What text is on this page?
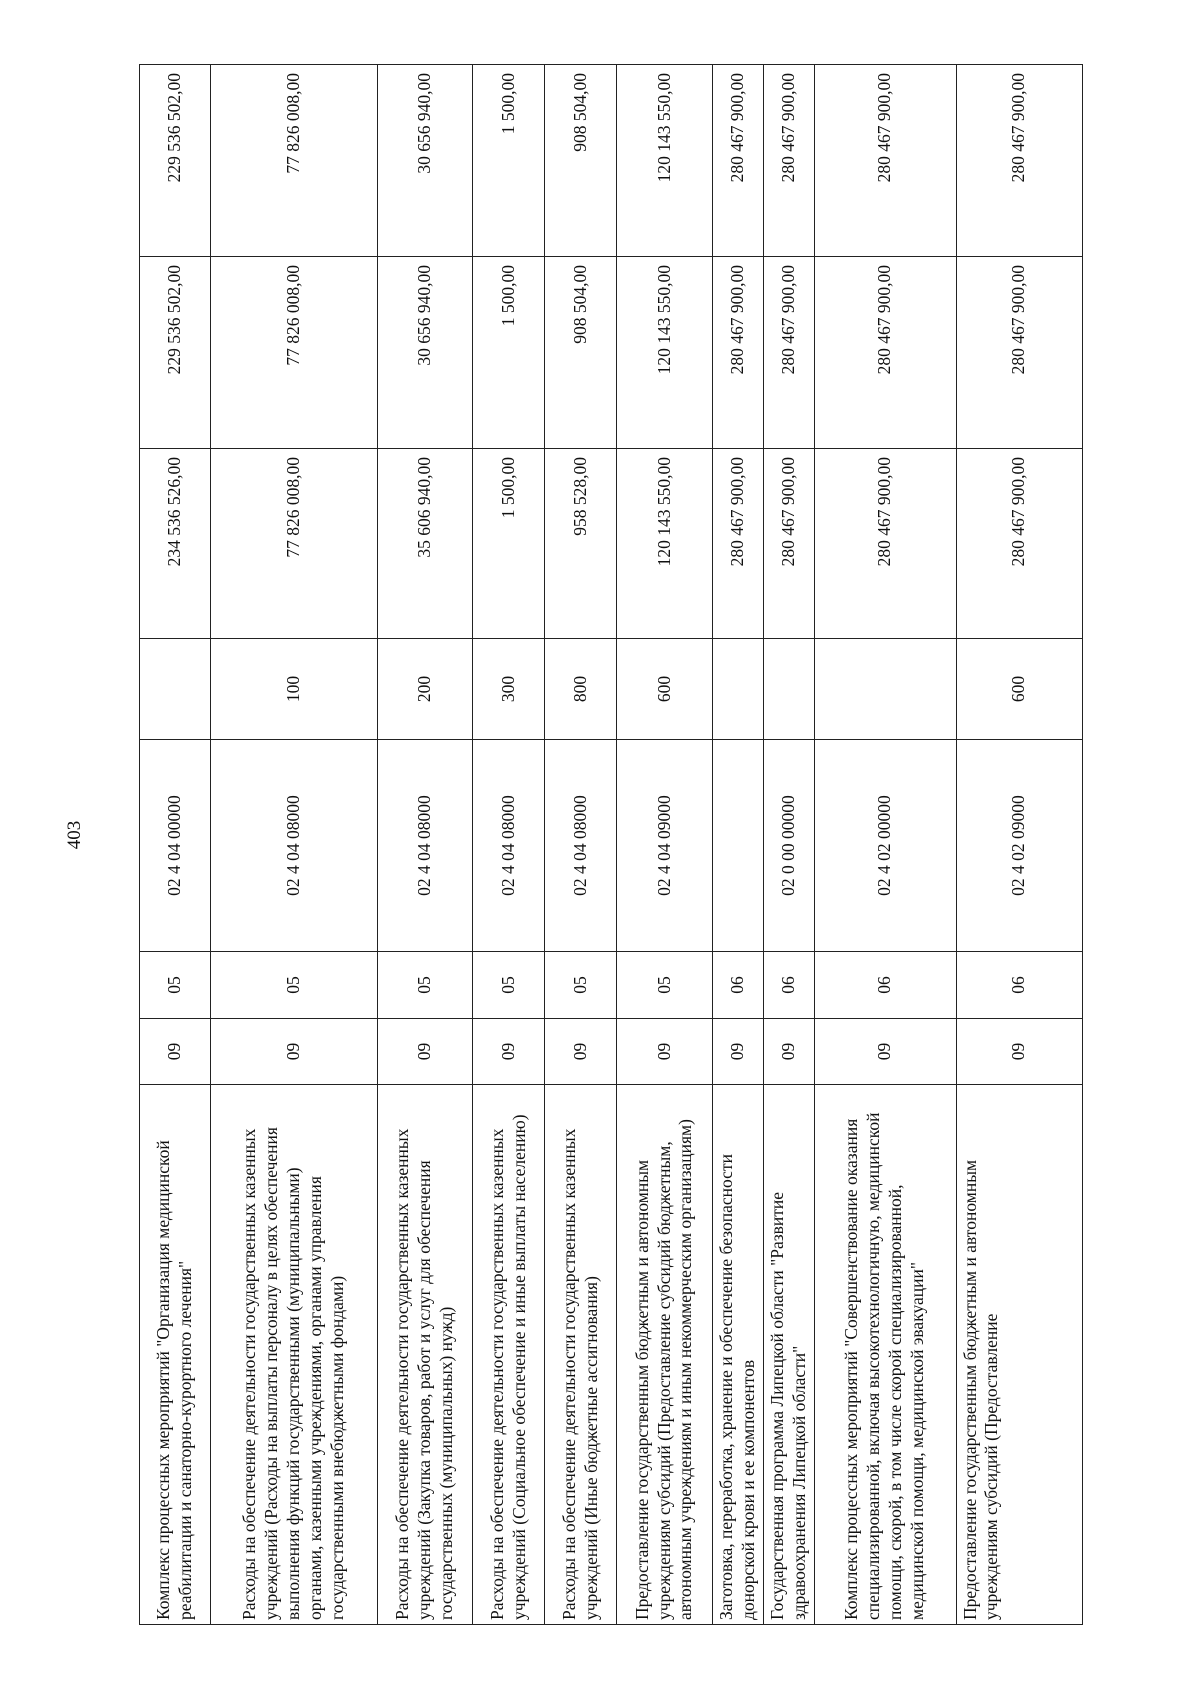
403
Комплекс процессных мероприятий "Организация медицинской реабилитации и санаторно-курортного лечения"	09	05	02 4 04 00000		234 536 526,00	229 536 502,00	229 536 502,00
Расходы на обеспечение деятельности государственных казенных учреждений (Расходы на выплаты персоналу в целях обеспечения выполнения функций государственными (муниципальными) органами, казенными учреждениями, органами управления государственными внебюджетными фондами)	09	05	02 4 04 08000	100	77 826 008,00	77 826 008,00	77 826 008,00
Расходы на обеспечение деятельности государственных казенных учреждений (Закупка товаров, работ и услуг для обеспечения государственных (муниципальных) нужд)	09	05	02 4 04 08000	200	35 606 940,00	30 656 940,00	30 656 940,00
Расходы на обеспечение деятельности государственных казенных учреждений (Социальное обеспечение и иные выплаты населению)	09	05	02 4 04 08000	300	1 500,00	1 500,00	1 500,00
Расходы на обеспечение деятельности государственных казенных учреждений (Иные бюджетные ассигнования)	09	05	02 4 04 08000	800	958 528,00	908 504,00	908 504,00
Предоставление государственным бюджетным и автономным учреждениям субсидий (Предоставление субсидий бюджетным, автономным учреждениям и иным некоммерческим организациям)	09	05	02 4 04 09000	600	120 143 550,00	120 143 550,00	120 143 550,00
Заготовка, переработка, хранение и обеспечение безопасности донорской крови и ее компонентов	09	06			280 467 900,00	280 467 900,00	280 467 900,00
Государственная программа Липецкой области "Развитие здравоохранения Липецкой области"	09	06	02 0 00 00000		280 467 900,00	280 467 900,00	280 467 900,00
Комплекс процессных мероприятий "Совершенствование оказания специализированной, включая высокотехнологичную, медицинской помощи, скорой, в том числе скорой специализированной, медицинской помощи, медицинской эвакуации"	09	06	02 4 02 00000		280 467 900,00	280 467 900,00	280 467 900,00
Предоставление государственным бюджетным и автономным учреждениям субсидий (Предоставление	09	06	02 4 02 09000	600	280 467 900,00	280 467 900,00	280 467 900,00
